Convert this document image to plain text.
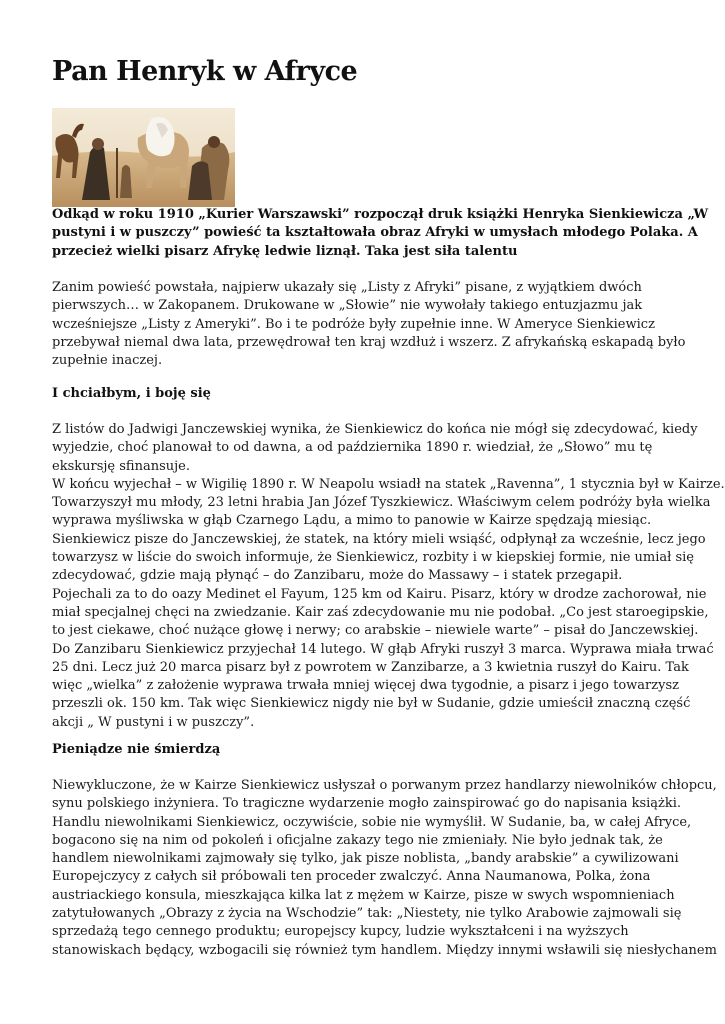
Pan Henryk w Afryce
Odkąd w roku 1910 „Kurier Warszawski” rozpoczął druk książki Henryka Sienkiewicza „W
pustyni i w puszczy” powieść ta kształtowała obraz Afryki w umysłach młodego Polaka. A
przecież wielki pisarz Afrykę ledwie liznął. Taka jest siła talentu
Zanim powieść powstała, najpierw ukazały się „Listy z Afryki” pisane, z wyjątkiem dwóch
pierwszych… w Zakopanem. Drukowane w „Słowie” nie wywołały takiego entuzjazmu jak
wcześniejsze „Listy z Ameryki”. Bo i te podróże były zupełnie inne. W Ameryce Sienkiewicz
przebywał niemal dwa lata, przewędrował ten kraj wzdłuż i wszerz. Z afrykańską eskapadą było
zupełnie inaczej.
I chciałbym, i boję się
Z listów do Jadwigi Janczewskiej wynika, że Sienkiewicz do końca nie mógł się zdecydować, kiedy
wyjedzie, choć planował to od dawna, a od października 1890 r. wiedział, że „Słowo” mu tę
ekskursję sfinansuje.
W końcu wyjechał – w Wigilię 1890 r. W Neapolu wsiadł na statek „Ravenna”, 1 stycznia był w Kairze.
Towarzyszył mu młody, 23 letni hrabia Jan Józef Tyszkiewicz. Właściwym celem podróży była wielka
wyprawa myśliwska w głąb Czarnego Lądu, a mimo to panowie w Kairze spędzają miesiąc.
Sienkiewicz pisze do Janczewskiej, że statek, na który mieli wsiąść, odpłynął za wcześnie, lecz jego
towarzysz w liście do swoich informuje, że Sienkiewicz, rozbity i w kiepskiej formie, nie umiał się
zdecydować, gdzie mają płynąć – do Zanzibaru, może do Massawy – i statek przegapił.
Pojechali za to do oazy Medinet el Fayum, 125 km od Kairu. Pisarz, który w drodze zachorował, nie
miał specjalnej chęci na zwiedzanie. Kair zaś zdecydowanie mu nie podobał. „Co jest staroegipskie,
to jest ciekawe, choć nużące głowę i nerwy; co arabskie – niewiele warte” – pisał do Janczewskiej.
Do Zanzibaru Sienkiewicz przyjechał 14 lutego. W głąb Afryki ruszył 3 marca. Wyprawa miała trwać
25 dni. Lecz już 20 marca pisarz był z powrotem w Zanzibarze, a 3 kwietnia ruszył do Kairu. Tak
więc „wielka” z założenie wyprawa trwała mniej więcej dwa tygodnie, a pisarz i jego towarzysz
przeszli ok. 150 km. Tak więc Sienkiewicz nigdy nie był w Sudanie, gdzie umieścił znaczną część
akcji „ W pustyni i w puszczy”.
Pieniądze nie śmierdzą
Niewykluczone, że w Kairze Sienkiewicz usłyszał o porwanym przez handlarzy niewolników chłopcu,
synu polskiego inżyniera. To tragiczne wydarzenie mogło zainspirować go do napisania książki.
Handlu niewolnikami Sienkiewicz, oczywiście, sobie nie wymyślił. W Sudanie, ba, w całej Afryce,
bogacono się na nim od pokoleń i oficjalne zakazy tego nie zmieniały. Nie było jednak tak, że
handlem niewolnikami zajmowały się tylko, jak pisze noblista, „bandy arabskie” a cywilizowani
Europejczycy z całych sił próbowali ten proceder zwalczyć. Anna Naumanowa, Polka, żona
austriackiego konsula, mieszkająca kilka lat z mężem w Kairze, pisze w swych wspomnieniach
zatytułowanych „Obrazy z życia na Wschodzie” tak: „Niestety, nie tylko Arabowie zajmowali się
sprzedażą tego cennego produktu; europejscy kupcy, ludzie wykształceni i na wyższych
stanowiskach będący, wzbogacili się również tym handlem. Między innymi wsławili się niesłychanem
